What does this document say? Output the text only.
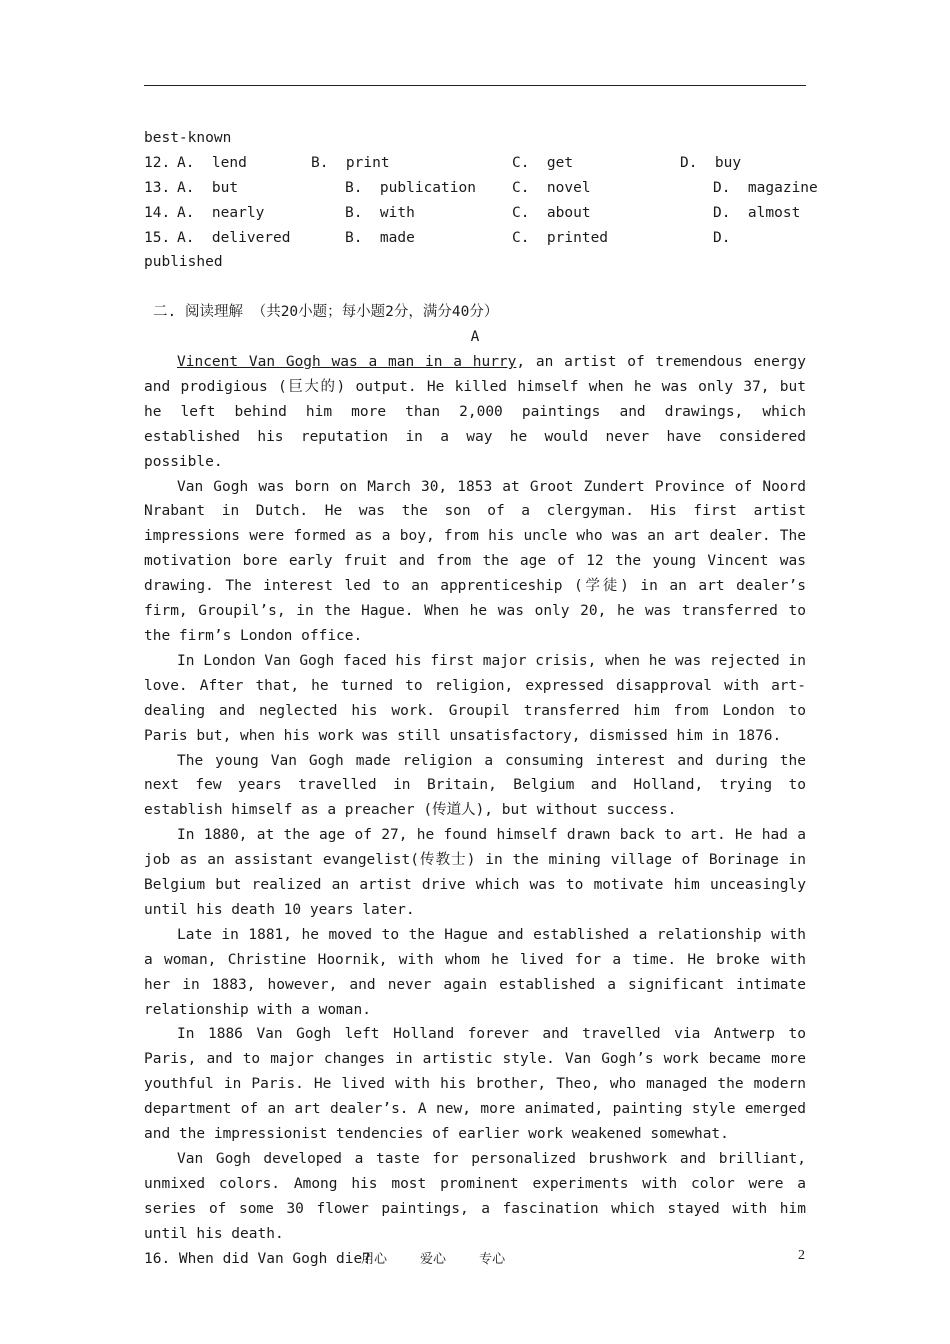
best-known
12. A.  lend	B.  print	C.  get	D.  buy
13. A.  but	B.  publication C.  novel	D.  magazine
14. A.  nearly	B.  with	C.  about	D.  almost
15. A.  delivered	B.  made	C.  printed	D.
published
二. 阅读理解 （共20小题；每小题2分，满分40分）
A

Vincent Van Gogh was a man in a hurry, an artist of tremendous energy and prodigious (巨大的) output. He killed himself when he was only 37, but he left behind him more than 2,000 paintings and drawings, which established his reputation in a way he would never have considered possible.

Van Gogh was born on March 30, 1853 at Groot Zundert Province of Noord Nrabant in Dutch. He was the son of a clergyman. His first artist impressions were formed as a boy, from his uncle who was an art dealer. The motivation bore early fruit and from the age of 12 the young Vincent was drawing. The interest led to an apprenticeship (学徒) in an art dealer’s firm, Groupil’s, in the Hague. When he was only 20, he was transferred to the firm’s London office.

In London Van Gogh faced his first major crisis, when he was rejected in love. After that, he turned to religion, expressed disapproval with art-dealing and neglected his work. Groupil transferred him from London to Paris but, when his work was still unsatisfactory, dismissed him in 1876.

The young Van Gogh made religion a consuming interest and during the next few years travelled in Britain, Belgium and Holland, trying to establish himself as a preacher (传道人), but without success.

In 1880, at the age of 27, he found himself drawn back to art. He had a job as an assistant evangelist(传教士) in the mining village of Borinage in Belgium but realized an artist drive which was to motivate him unceasingly until his death 10 years later.

Late in 1881, he moved to the Hague and established a relationship with a woman, Christine Hoornik, with whom he lived for a time. He broke with her in 1883, however, and never again established a significant intimate relationship with a woman.

In 1886 Van Gogh left Holland forever and travelled via Antwerp to Paris, and to major changes in artistic style. Van Gogh’s work became more youthful in Paris. He lived with his brother, Theo, who managed the modern department of an art dealer’s. A new, more animated, painting style emerged and the impressionist tendencies of earlier work weakened somewhat.

Van Gogh developed a taste for personalized brushwork and brilliant, unmixed colors. Among his most prominent experiments with color were a series of some 30 flower paintings, a fascination which stayed with him until his death.

16. When did Van Gogh die?
用心        爱心        专心	2
